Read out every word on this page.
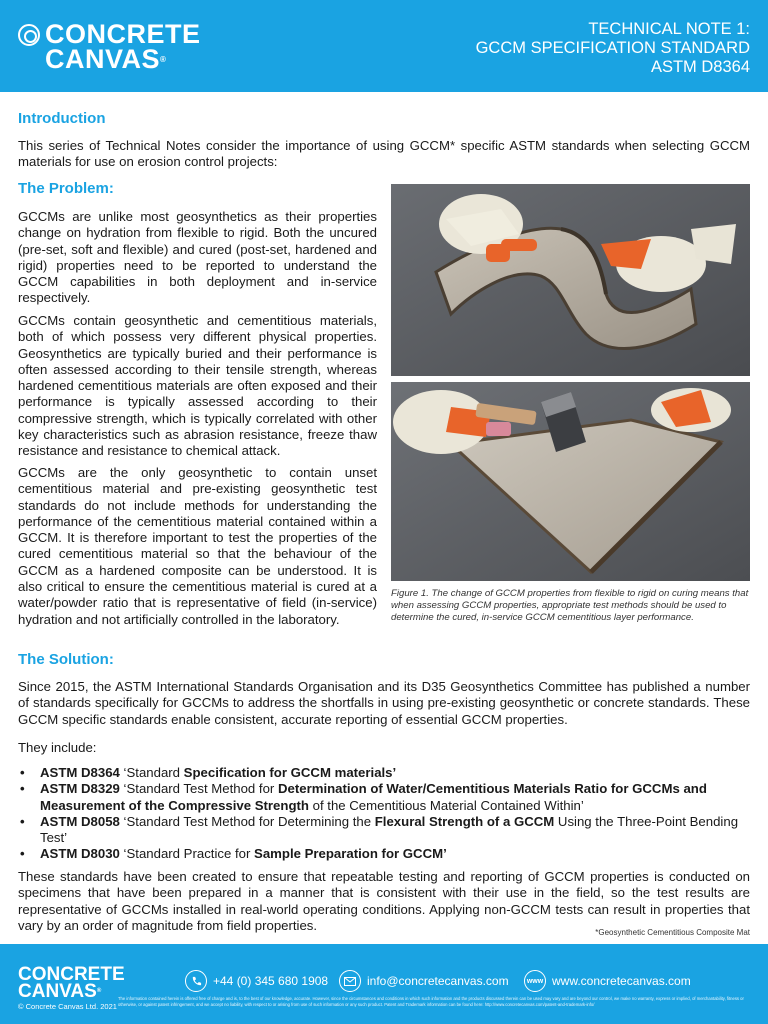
CONCRETE
CANVAS®
TECHNICAL NOTE 1:
GCCM SPECIFICATION STANDARD
ASTM D8364
Introduction
This series of Technical Notes consider the importance of using GCCM* specific ASTM standards when selecting GCCM materials for use on erosion control projects:
The Problem:
GCCMs are unlike most geosynthetics as their properties change on hydration from flexible to rigid. Both the uncured (pre-set, soft and flexible) and cured (post-set, hardened and rigid) properties need to be reported to understand the GCCM capabilities in both deployment and in-service respectively.
GCCMs contain geosynthetic and cementitious materials, both of which possess very different physical properties. Geosynthetics are typically buried and their performance is often assessed according to their tensile strength, whereas hardened cementitious materials are often exposed and their performance is typically assessed according to their compressive strength, which is typically correlated with other key characteristics such as abrasion resistance, freeze thaw resistance and resistance to chemical attack.
GCCMs are the only geosynthetic to contain unset cementitious material and pre-existing geosynthetic test standards do not include methods for understanding the performance of the cementitious material contained within a GCCM. It is therefore important to test the properties of the cured cementitious material so that the behaviour of the GCCM as a hardened composite can be understood. It is also critical to ensure the cementitious material is cured at a water/powder ratio that is representative of field (in-service) hydration and not artificially controlled in the laboratory.
Figure 1. The change of GCCM properties from flexible to rigid on curing means that when assessing GCCM properties, appropriate test methods should be used to determine the cured, in-service GCCM cementitious layer performance.
The Solution:
Since 2015, the ASTM International Standards Organisation and its D35 Geosynthetics Committee has published a number of standards specifically for GCCMs to address the shortfalls in using pre-existing geosynthetic or concrete standards. These GCCM specific standards enable consistent, accurate reporting of essential GCCM properties.
They include:
• ASTM D8364 ‘Standard Specification for GCCM materials’
• ASTM D8329 ‘Standard Test Method for Determination of Water/Cementitious Materials Ratio for GCCMs and Measurement of the Compressive Strength of the Cementitious Material Contained Within’
• ASTM D8058 ‘Standard Test Method for Determining the Flexural Strength of a GCCM Using the Three-Point Bending Test’
• ASTM D8030 ‘Standard Practice for Sample Preparation for GCCM’
These standards have been created to ensure that repeatable testing and reporting of GCCM properties is conducted on specimens that have been prepared in a manner that is consistent with their use in the field, so the test results are representative of GCCMs installed in real-world operating conditions. Applying non-GCCM tests can result in properties that vary by an order of magnitude from field properties.	*Geosynthetic Cementitious Composite Mat
CONCRETE
CANVAS®
© Concrete Canvas Ltd. 2021
+44 (0) 345 680 1908	info@concretecanvas.com	www www.concretecanvas.com
The information contained herein is offered free of charge and is, to the best of our knowledge, accurate. However, since the circumstances and conditions in which such information and the products discussed therein can be used may vary and are beyond our control, we make no warranty, express or implied, of merchantability, fitness or otherwise, or against patent infringement, and we accept no liability, with respect to or arising from use of such information or any such product. Patent and Trademark information can be found here: http://www.concretecanvas.com/patent-and-trademark-info/
